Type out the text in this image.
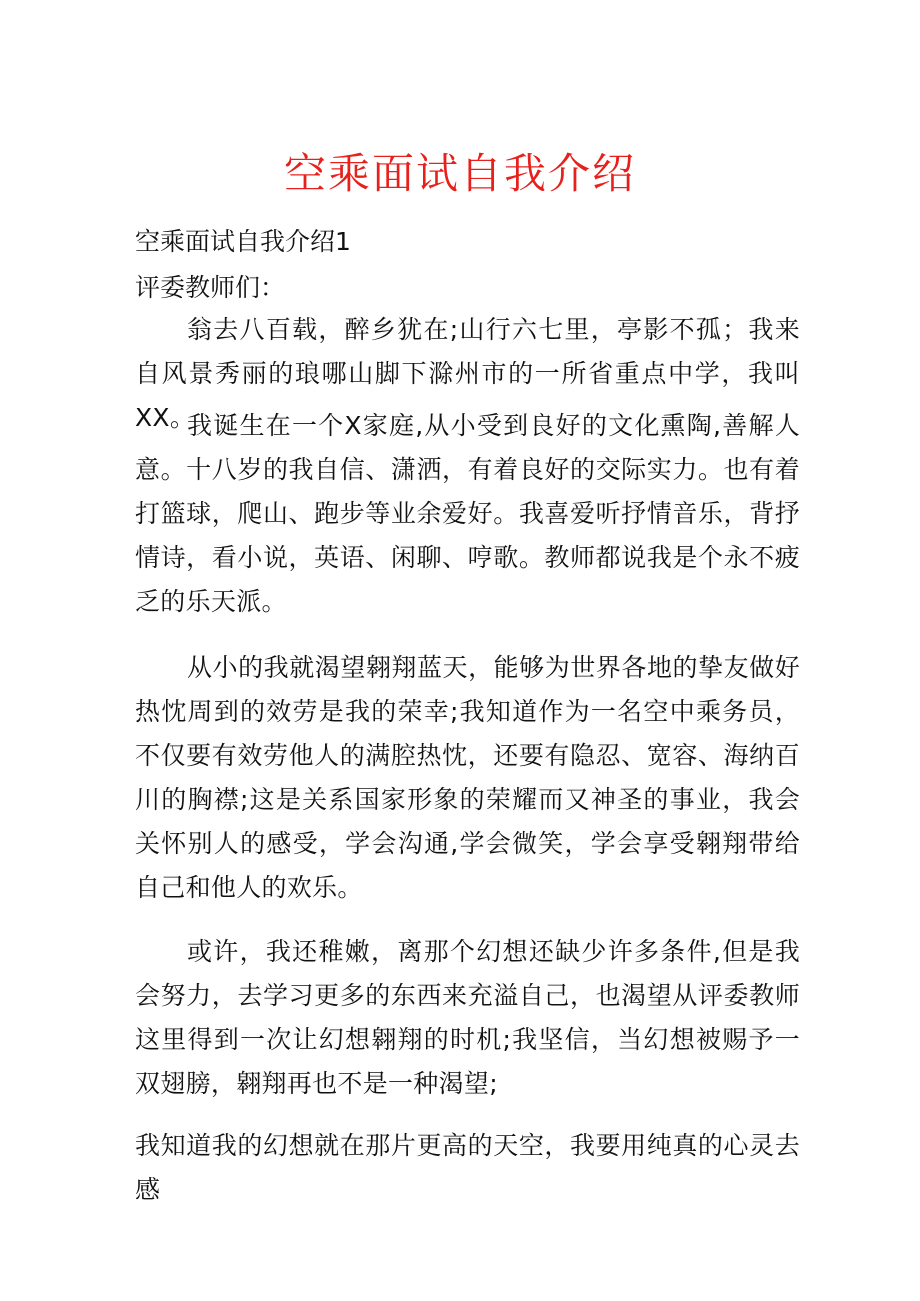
空乘面试自我介绍

空乘面试自我介绍1

评委教师们：

翁去八百载，醉乡犹在;山行六七里，亭影不孤；我来自风景秀丽的琅哪山脚下滁州市的一所省重点中学，我叫XX。

我诞生在一个X家庭,从小受到良好的文化熏陶,善解人意。十八岁的我自信、潇洒，有着良好的交际实力。也有着打篮球，爬山、跑步等业余爱好。我喜爱听抒情音乐，背抒情诗，看小说，英语、闲聊、哼歌。教师都说我是个永不疲乏的乐天派。

从小的我就渴望翱翔蓝天，能够为世界各地的挚友做好热忱周到的效劳是我的荣幸;我知道作为一名空中乘务员，不仅要有效劳他人的满腔热忱，还要有隐忍、宽容、海纳百川的胸襟;这是关系国家形象的荣耀而又神圣的事业，我会关怀别人的感受，学会沟通,学会微笑，学会享受翱翔带给自己和他人的欢乐。

或许，我还稚嫩，离那个幻想还缺少许多条件,但是我会努力，去学习更多的东西来充溢自己，也渴望从评委教师这里得到一次让幻想翱翔的时机;我坚信，当幻想被赐予一双翅膀，翱翔再也不是一种渴望;

我知道我的幻想就在那片更高的天空，我要用纯真的心灵去感
